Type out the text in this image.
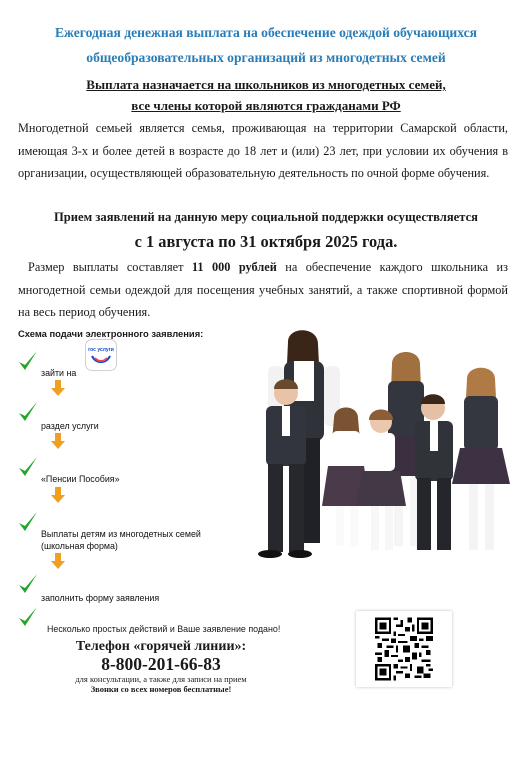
Ежегодная денежная выплата на обеспечение одеждой обучающихся
общеобразовательных организаций из многодетных семей
Выплата назначается на школьников из многодетных семей,
все члены которой являются гражданами РФ
Многодетной семьей является семья, проживающая на территории Самарской области, имеющая 3-х и более детей в возрасте до 18 лет и (или) 23 лет, при условии их обучения в организации, осуществляющей образовательную деятельность по очной форме обучения.
Прием заявлений на данную меру социальной поддержки осуществляется
с 1 августа по 31 октября 2025 года.
Размер выплаты составляет 11 000 рублей на обеспечение каждого школьника из многодетной семьи одеждой для посещения учебных занятий, а также спортивной формой на весь период обучения.
Схема подачи электронного заявления:
зайти на
гос услуги
раздел услуги
«Пенсии Пособия»
Выплаты детям из многодетных семей
(школьная форма)
заполнить форму заявления
Несколько простых действий и Ваше заявление подано!
Телефон «горячей линии»:
8-800-201-66-83
для консультации, а также для записи на прием
Звонки со всех номеров бесплатные!
